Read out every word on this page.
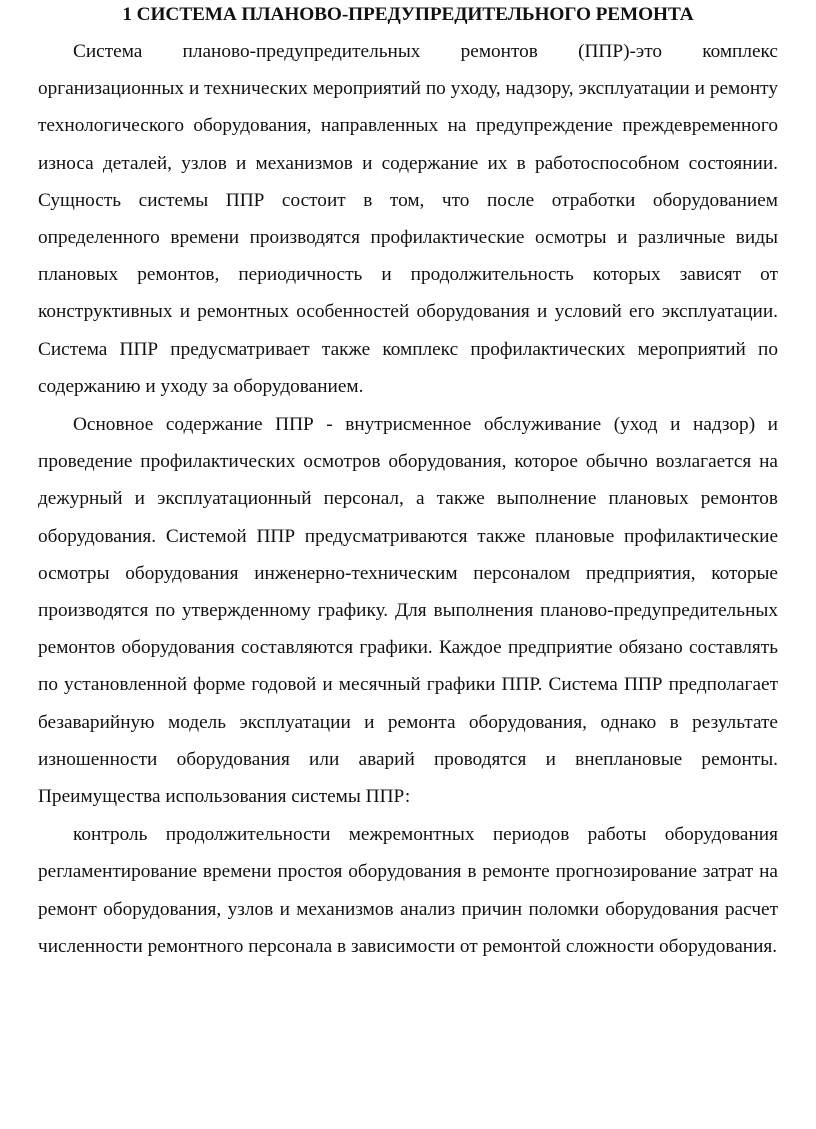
1 СИСТЕМА ПЛАНОВО-ПРЕДУПРЕДИТЕЛЬНОГО РЕМОНТА

Система планово-предупредительных ремонтов (ППР)-это комплекс организационных и технических мероприятий по уходу, надзору, эксплуатации и ремонту технологического оборудования, направленных на предупреждение преждевременного износа деталей, узлов и механизмов и содержание их в работоспособном состоянии. Сущность системы ППР состоит в том, что после отработки оборудованием определенного времени производятся профилактические осмотры и различные виды плановых ремонтов, периодичность и продолжительность которых зависят от конструктивных и ремонтных особенностей оборудования и условий его эксплуатации. Система ППР предусматривает также комплекс профилактических мероприятий по содержанию и уходу за оборудованием.

Основное содержание ППР - внутрисменное обслуживание (уход и надзор) и проведение профилактических осмотров оборудования, которое обычно возлагается на дежурный и эксплуатационный персонал, а также выполнение плановых ремонтов оборудования. Системой ППР предусматриваются также плановые профилактические осмотры оборудования инженерно-техническим персоналом предприятия, которые производятся по утвержденному графику. Для выполнения планово-предупредительных ремонтов оборудования составляются графики. Каждое предприятие обязано составлять по установленной форме годовой и месячный графики ППР. Система ППР предполагает безаварийную модель эксплуатации и ремонта оборудования, однако в результате изношенности оборудования или аварий проводятся и внеплановые ремонты. Преимущества использования системы ППР:

контроль продолжительности межремонтных периодов работы оборудования регламентирование времени простоя оборудования в ремонте прогнозирование затрат на ремонт оборудования, узлов и механизмов анализ причин поломки оборудования расчет численности ремонтного персонала в зависимости от ремонтой сложности оборудования.
